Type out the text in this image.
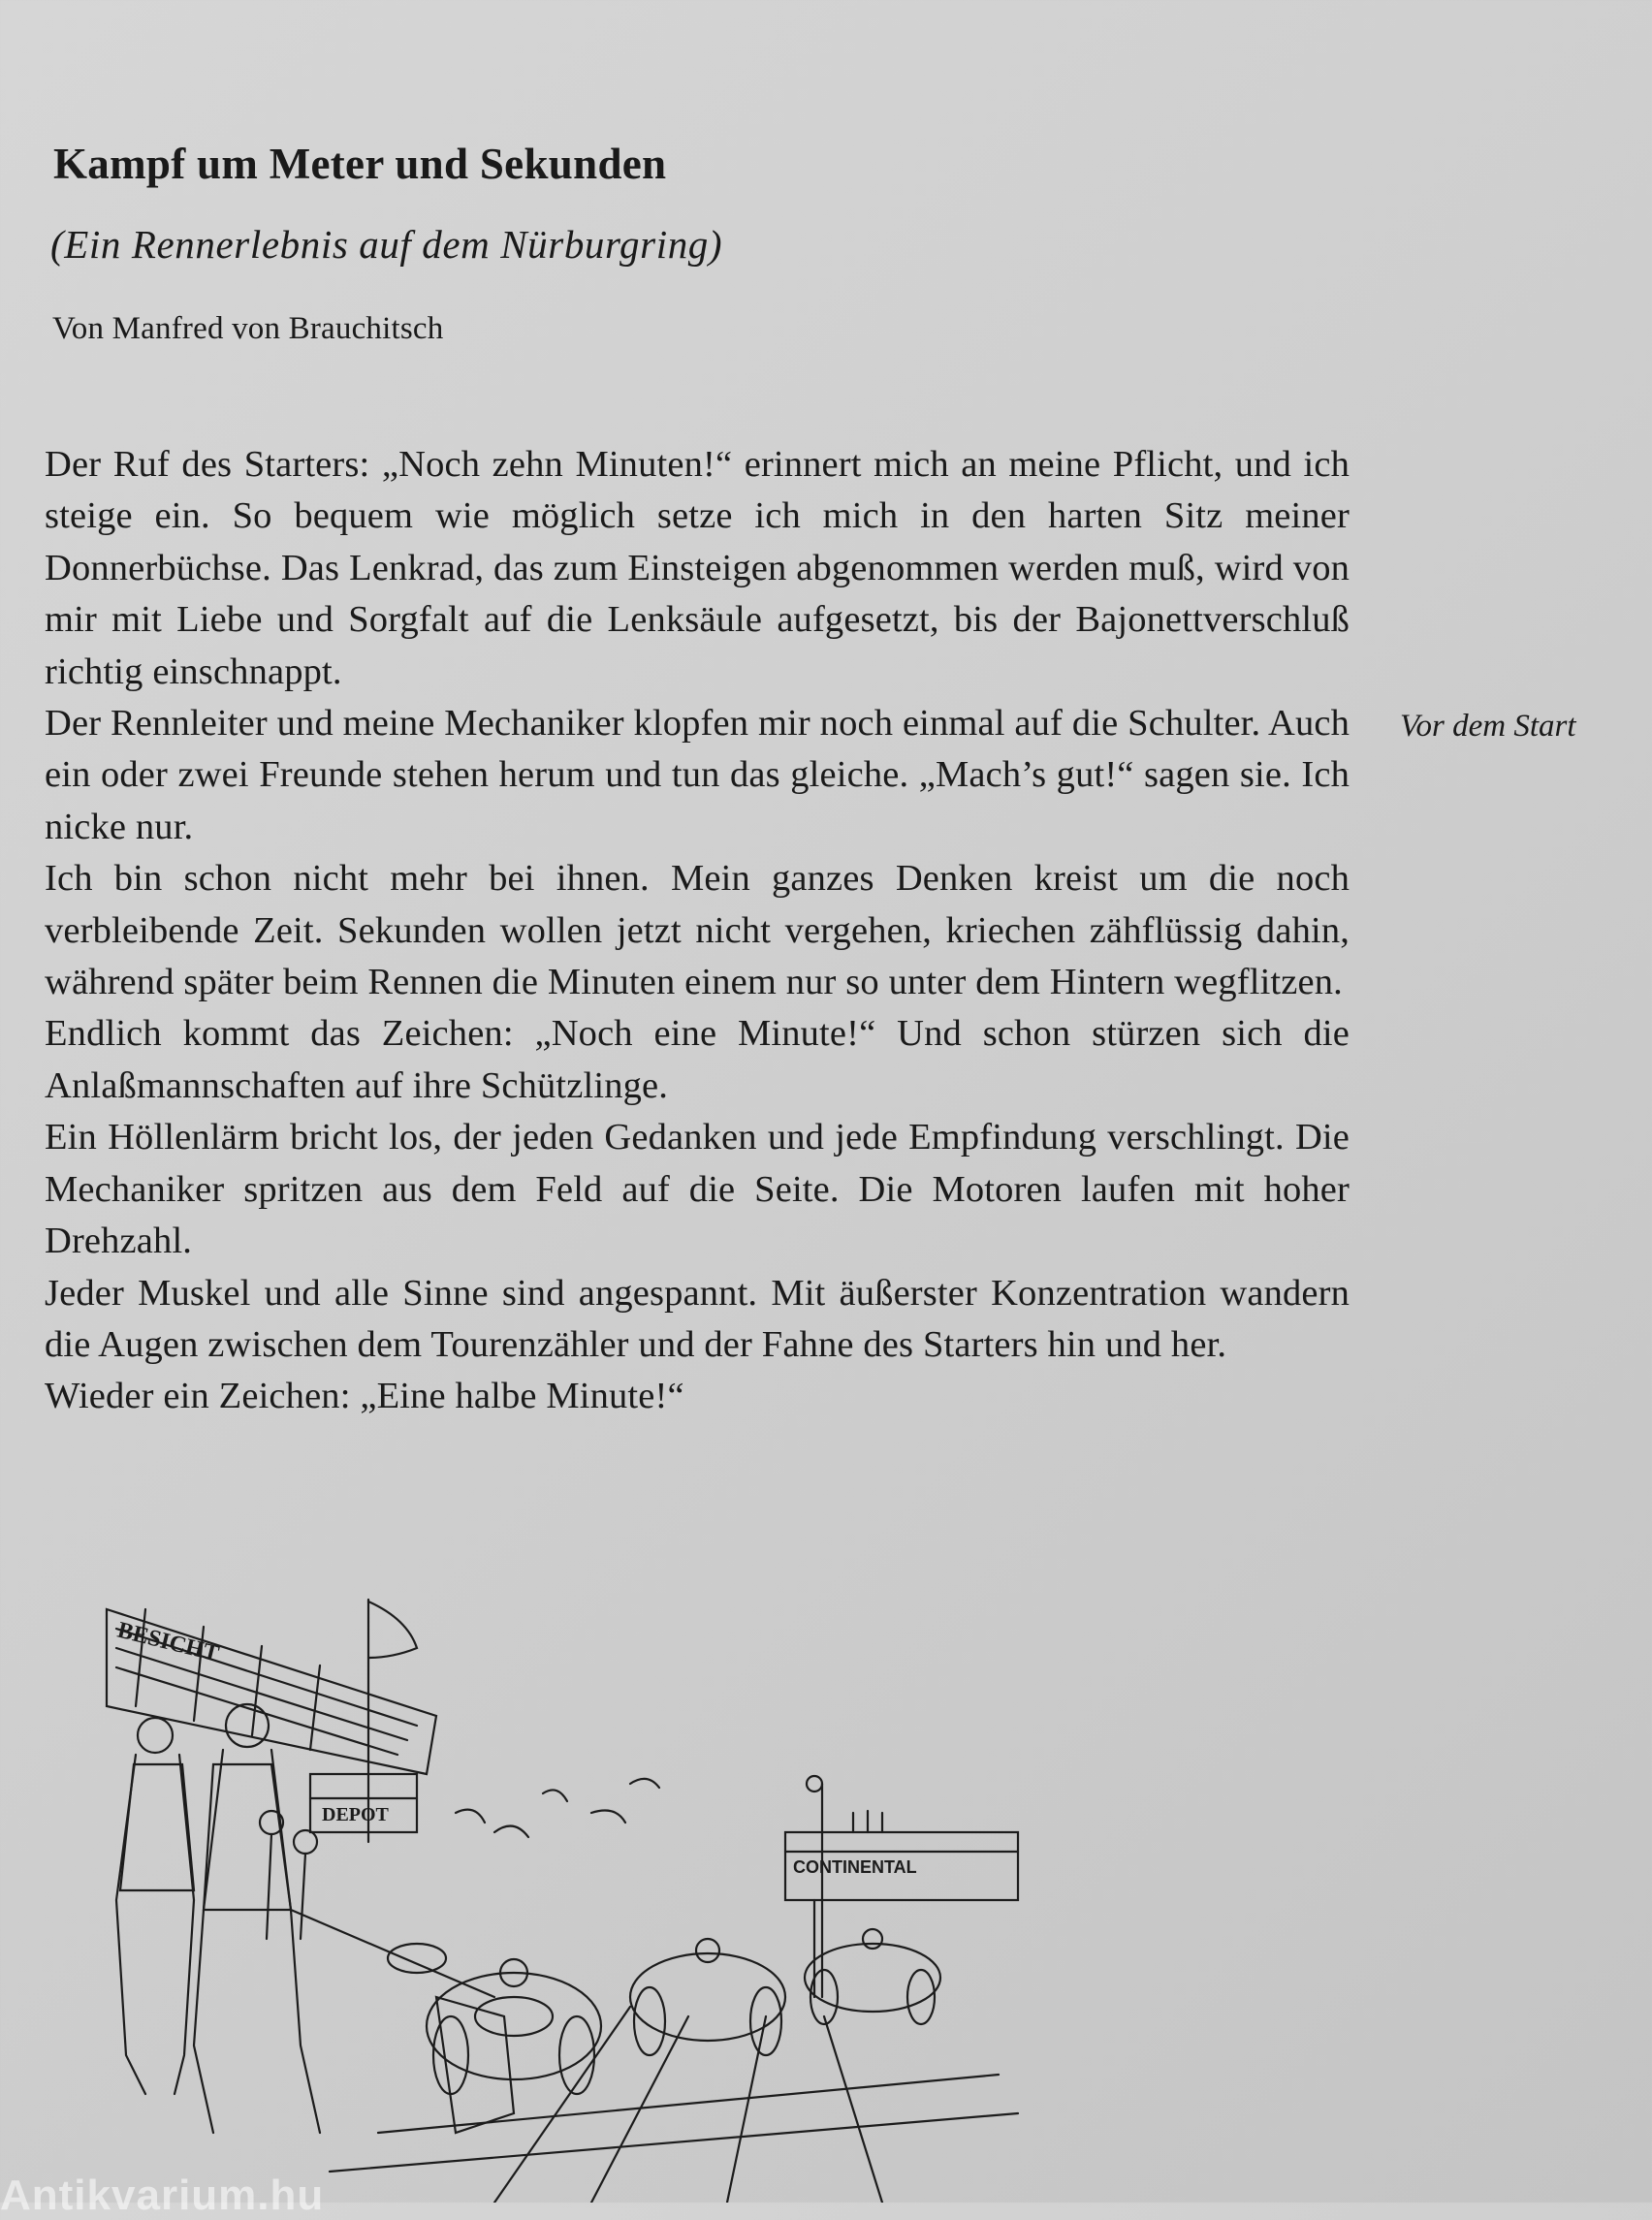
Kampf um Meter und Sekunden

(Ein Rennerlebnis auf dem Nürburgring)

Von Manfred von Brauchitsch

Der Ruf des Starters: „Noch zehn Minuten!“ erinnert mich an meine Pflicht, und ich steige ein. So bequem wie möglich setze ich mich in den harten Sitz meiner Donnerbüchse. Das Lenkrad, das zum Einsteigen abgenommen werden muß, wird von mir mit Liebe und Sorgfalt auf die Lenksäule aufgesetzt, bis der Bajonettverschluß richtig einschnappt.

Der Rennleiter und meine Mechaniker klopfen mir noch einmal auf die Schulter. Auch ein oder zwei Freunde stehen herum und tun das gleiche. „Mach’s gut!“ sagen sie. Ich nicke nur.

Ich bin schon nicht mehr bei ihnen. Mein ganzes Denken kreist um die noch verbleibende Zeit. Sekunden wollen jetzt nicht vergehen, kriechen zähflüssig dahin, während später beim Rennen die Minuten einem nur so unter dem Hintern wegflitzen.

Endlich kommt das Zeichen: „Noch eine Minute!“ Und schon stürzen sich die Anlaßmannschaften auf ihre Schützlinge.

Ein Höllenlärm bricht los, der jeden Gedanken und jede Empfindung verschlingt. Die Mechaniker spritzen aus dem Feld auf die Seite. Die Motoren laufen mit hoher Drehzahl.

Jeder Muskel und alle Sinne sind angespannt. Mit äußerster Konzentration wandern die Augen zwischen dem Tourenzähler und der Fahne des Starters hin und her.

Wieder ein Zeichen: „Eine halbe Minute!“

Vor dem Start

BESICHT
DEPOT
CONTINENTAL

Antikvarium.hu
